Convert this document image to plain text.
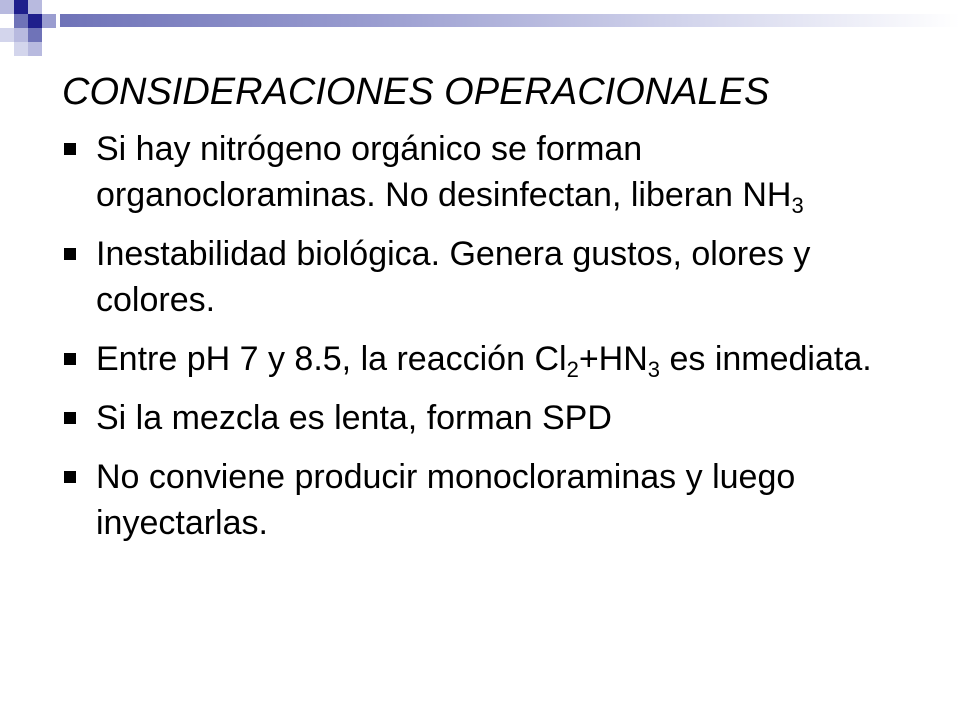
CONSIDERACIONES OPERACIONALES
Si hay nitrógeno orgánico se forman organocloraminas. No desinfectan, liberan $NH_3$
Inestabilidad biológica. Genera gustos, olores y colores.
Entre pH 7 y 8.5, la reacción $Cl_2+HN_3$ es inmediata.
Si la mezcla es lenta, forman SPD
No conviene producir monocloraminas y luego inyectarlas.
